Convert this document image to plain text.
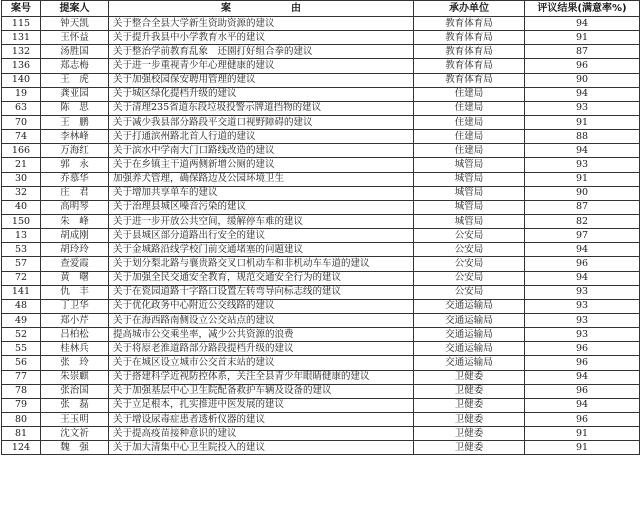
案号	提案人	案　　　　　　由	承办单位	评议结果(满意率%)
115	钟天凯	关于整合全县大学新生资助资源的建议	教育体育局	94
131	王怀益	关于提升我县中小学教育水平的建议	教育体育局	91
132	汤胜国	关于整治学前教育乱象　还園打好组合拳的建议	教育体育局	87
136	郑志梅	关于进一步重视青少年心理健康的建议	教育体育局	96
140	王　虎	关于加强校园保安聘用管理的建议	教育体育局	90
19	龚亚园	关于城区绿化提档升级的建议	住建局	94
63	陈　思	关于清理235省道东段垃圾投警示牌道挡物的建议	住建局	93
70	王　鹏	关于减少我县部分路段平交道口视野障碍的建议	住建局	91
74	李林峰	关于打通滨州路北首人行道的建议	住建局	88
166	万海红	关于滨水中学南大门口路线改造的建议	住建局	94
21	郭　永	关于在乡镇主干道两侧新增公厕的建议	城管局	93
30	乔慕华	加强养犬管理，确保路边及公园环境卫生	城管局	91
32	庄　君	关于增加共享单车的建议	城管局	90
40	高明琴	关于治理县城区噪音污染的建议	城管局	87
150	朱　峰	关于进一步开放公共空间，缓解停车难的建议	城管局	82
13	胡成刚	关于县城区部分道路出行安全的建议	公安局	97
53	胡玲玲	关于金城路沿线学校门前交通堵塞的问题建议	公安局	94
57	查爱霞	关于划分梨北路与襄贵路交叉口机动车和非机动车车道的建议	公安局	96
72	黄　曙	关于加强全民交通安全教育，规范交通安全行为的建议	公安局	94
141	仇　丰	关于在瓷园道路十字路口设置左转弯导向标志线的建议	公安局	93
48	丁卫华	关于优化政务中心附近公交线路的建议	交通运输局	93
49	郑小芹	关于在海西路南侧设立公交站点的建议	交通运输局	93
52	吕柏松	提高城市公交乘坐率，减少公共资源的浪费	交通运输局	93
55	桂林兵	关于将原老淮道路部分路段提档升级的建议	交通运输局	96
56	张　玲	关于在城区设立城市公交首末站的建议	交通运输局	96
77	朱崇麒	关于搭建科学近视防控体系，关注全县青少年眼睛健康的建议	卫健委	94
78	张治国	关于加强基层中心卫生院配备救护车辆及设备的建议	卫健委	96
79	张　磊	关于立足根本，扎实推进中医发展的建议	卫健委	94
80	王玉明	关于增设尿毒症患者透析仪器的建议	卫健委	96
81	沈文祈	关于提高疫苗接种意识的建议	卫健委	91
124	魏　强	关于加大清集中心卫生院投入的建议	卫健委	91
